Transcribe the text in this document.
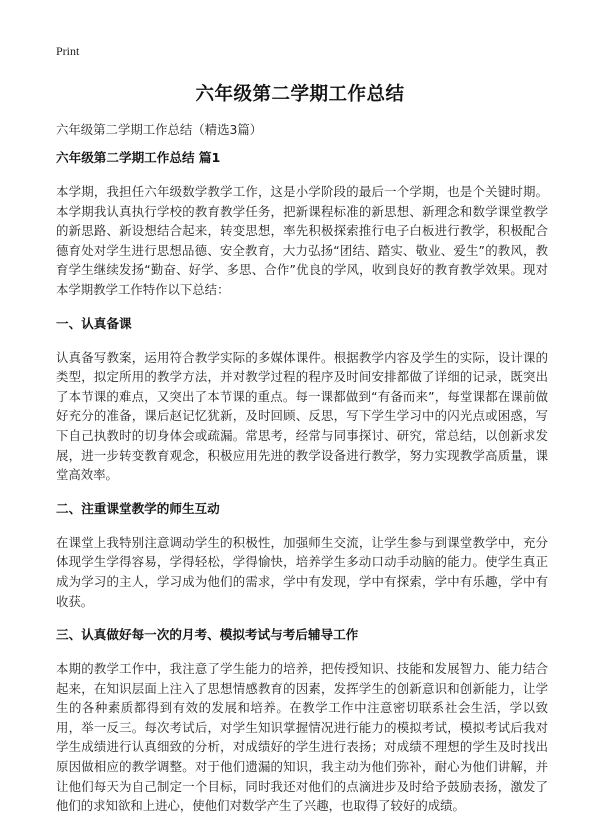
Print
六年级第二学期工作总结
六年级第二学期工作总结（精选3篇）
六年级第二学期工作总结 篇1
本学期，我担任六年级数学教学工作，这是小学阶段的最后一个学期，也是个关键时期。本学期我认真执行学校的教育教学任务，把新课程标准的新思想、新理念和数学课堂教学的新思路、新设想结合起来，转变思想，率先积极探索推行电子白板进行教学，积极配合德育处对学生进行思想品德、安全教育，大力弘扬“团结、踏实、敬业、爱生”的教风，教育学生继续发扬“勤奋、好学、多思、合作”优良的学风，收到良好的教育教学效果。现对本学期教学工作特作以下总结：
一、认真备课
认真备写教案，运用符合教学实际的多媒体课件。根据教学内容及学生的实际，设计课的类型，拟定所用的教学方法，并对教学过程的程序及时间安排都做了详细的记录，既突出了本节课的难点，又突出了本节课的重点。每一课都做到“有备而来”，每堂课都在课前做好充分的准备，课后赵记忆犹新，及时回顾、反思，写下学生学习中的闪光点或困惑，写下自己执教时的切身体会或疏漏。常思考，经常与同事探讨、研究，常总结，以创新求发展，进一步转变教育观念，积极应用先进的教学设备进行教学，努力实现教学高质量，课堂高效率。
二、注重课堂教学的师生互动
在课堂上我特别注意调动学生的积极性，加强师生交流，让学生参与到课堂教学中，充分体现学生学得容易，学得轻松，学得愉快，培养学生多动口动手动脑的能力。使学生真正成为学习的主人，学习成为他们的需求，学中有发现，学中有探索，学中有乐趣，学中有收获。
三、认真做好每一次的月考、模拟考试与考后辅导工作
本期的教学工作中，我注意了学生能力的培养，把传授知识、技能和发展智力、能力结合起来，在知识层面上注入了思想情感教育的因素，发挥学生的创新意识和创新能力，让学生的各种素质都得到有效的发展和培养。在教学工作中注意密切联系社会生活，学以致用，举一反三。每次考试后，对学生知识掌握情况进行能力的模拟考试，模拟考试后我对学生成绩进行认真细致的分析，对成绩好的学生进行表扬；对成绩不理想的学生及时找出原因做相应的教学调整。对于他们遗漏的知识，我主动为他们弥补，耐心为他们讲解，并让他们每天为自己制定一个目标，同时我还对他们的点滴进步及时给予鼓励表扬，激发了他们的求知欲和上进心，使他们对数学产生了兴趣，也取得了较好的成绩。
